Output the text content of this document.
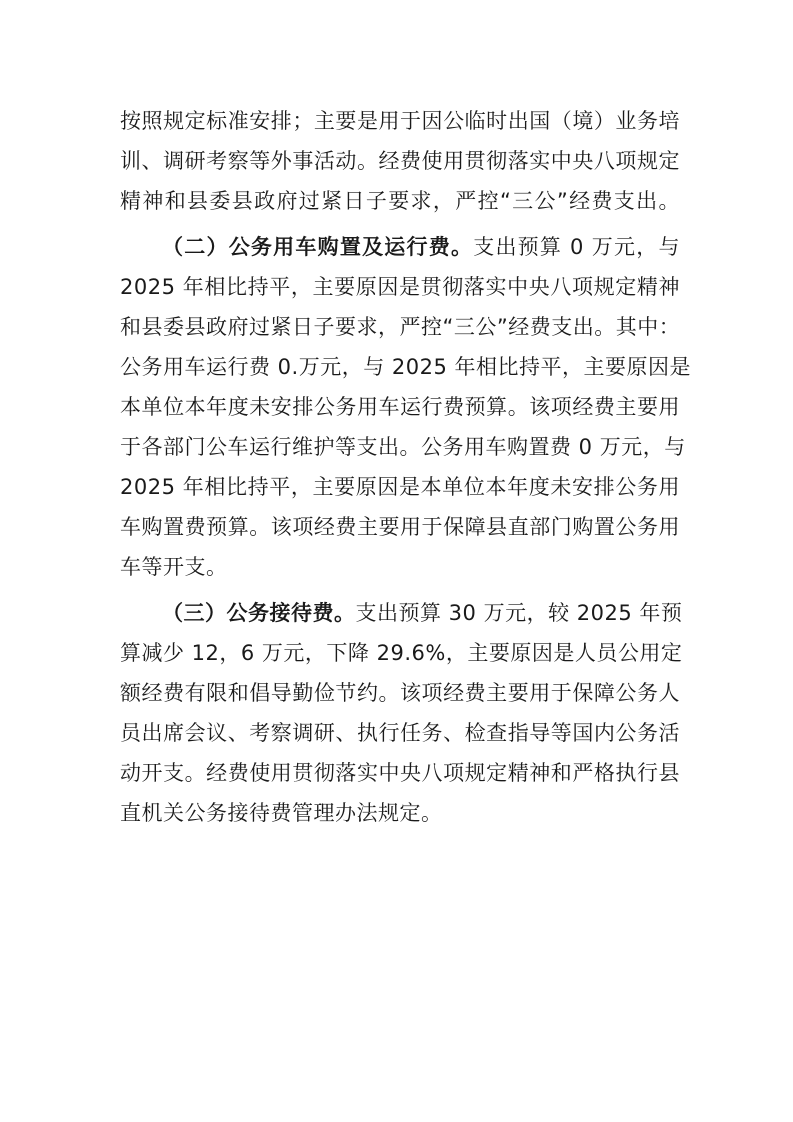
按照规定标准安排；主要是用于因公临时出国（境）业务培
训、调研考察等外事活动。经费使用贯彻落实中央八项规定
精神和县委县政府过紧日子要求，严控“三公”经费支出。
（二）公务用车购置及运行费。支出预算 0 万元，与
2025 年相比持平，主要原因是贯彻落实中央八项规定精神
和县委县政府过紧日子要求，严控“三公”经费支出。其中：
公务用车运行费 0.万元，与 2025 年相比持平，主要原因是
本单位本年度未安排公务用车运行费预算。该项经费主要用
于各部门公车运行维护等支出。公务用车购置费 0 万元，与
2025 年相比持平，主要原因是本单位本年度未安排公务用
车购置费预算。该项经费主要用于保障县直部门购置公务用
车等开支。
（三）公务接待费。支出预算 30 万元，较 2025 年预
算减少 12，6 万元，下降 29.6%，主要原因是人员公用定
额经费有限和倡导勤俭节约。该项经费主要用于保障公务人
员出席会议、考察调研、执行任务、检查指导等国内公务活
动开支。经费使用贯彻落实中央八项规定精神和严格执行县
直机关公务接待费管理办法规定。
